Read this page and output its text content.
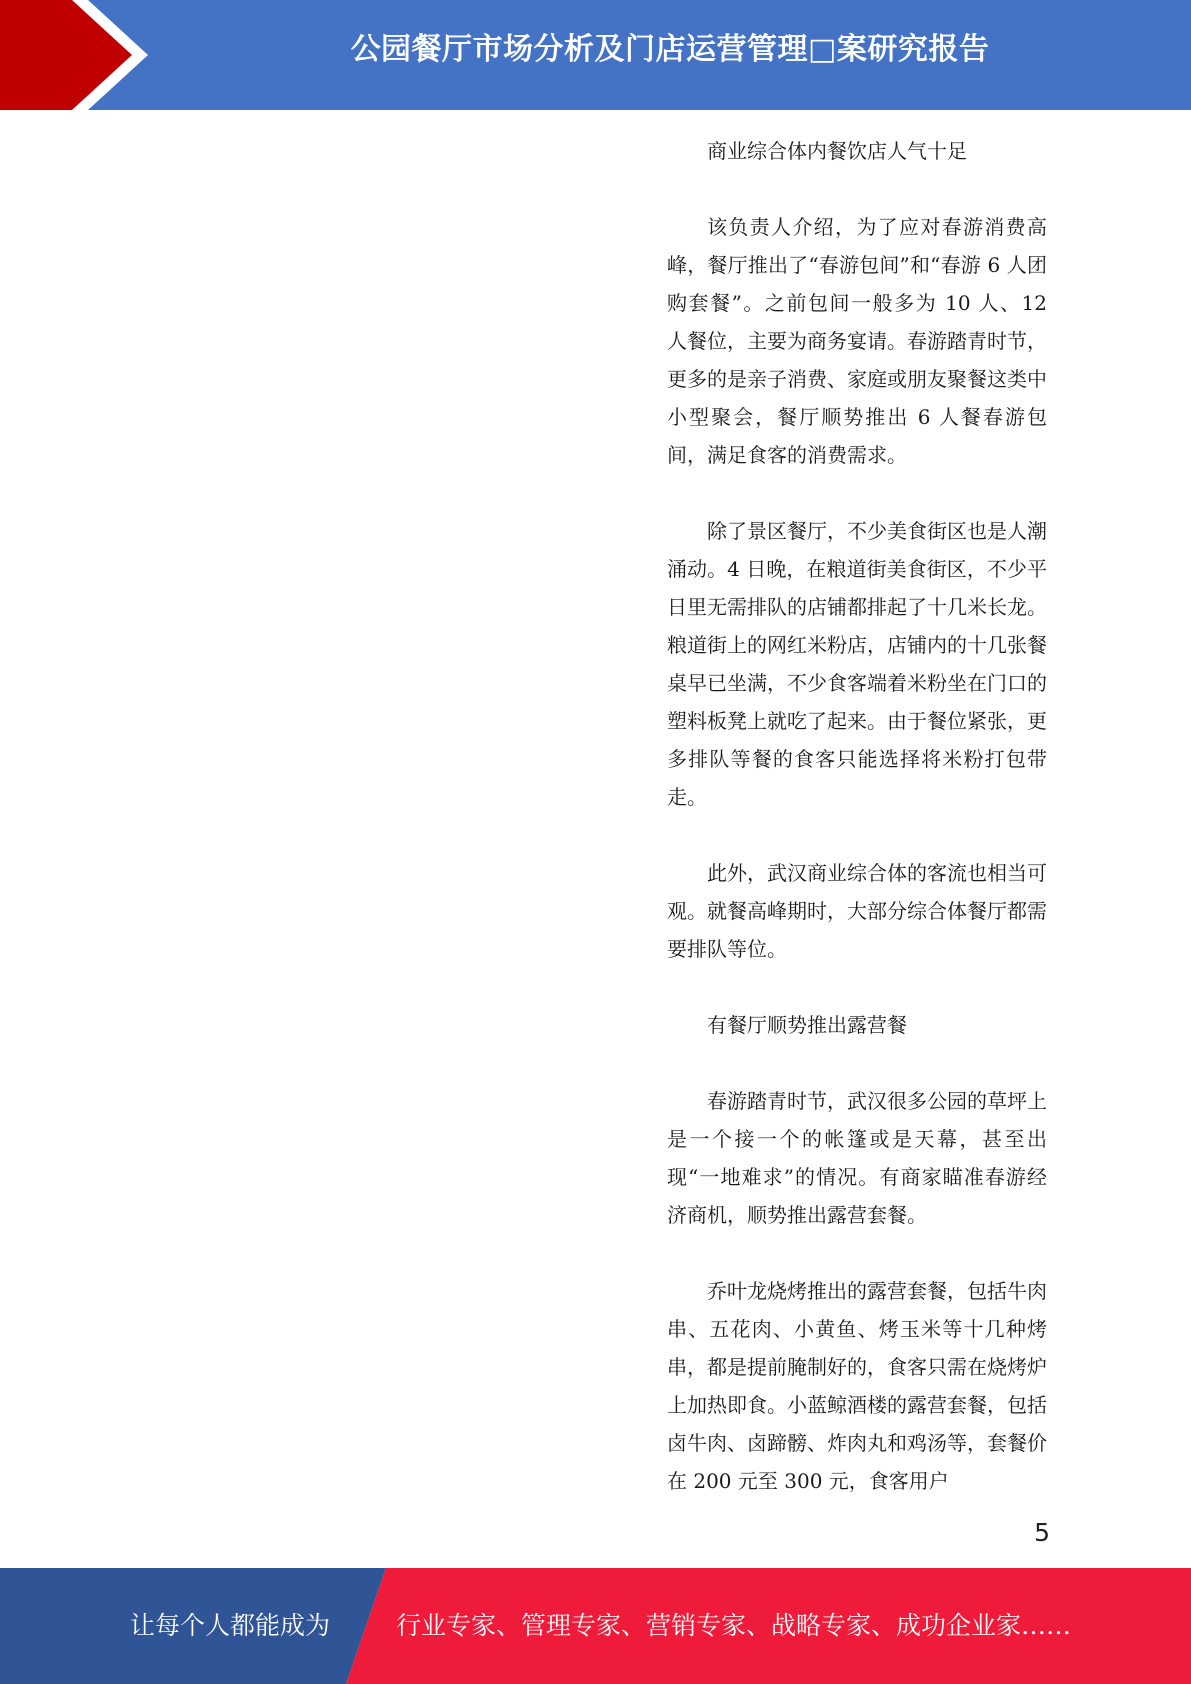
公园餐厅市场分析及门店运营管理□案研究报告

商业综合体内餐饮店人气十足

该负责人介绍，为了应对春游消费高峰，餐厅推出了“春游包间”和“春游 6 人团购套餐”。之前包间一般多为 10 人、12 人餐位，主要为商务宴请。春游踏青时节，更多的是亲子消费、家庭或朋友聚餐这类中小型聚会，餐厅顺势推出 6 人餐春游包间，满足食客的消费需求。

除了景区餐厅，不少美食街区也是人潮涌动。4 日晚，在粮道街美食街区，不少平日里无需排队的店铺都排起了十几米长龙。粮道街上的网红米粉店，店铺内的十几张餐桌早已坐满，不少食客端着米粉坐在门口的塑料板凳上就吃了起来。由于餐位紧张，更多排队等餐的食客只能选择将米粉打包带走。

此外，武汉商业综合体的客流也相当可观。就餐高峰期时，大部分综合体餐厅都需要排队等位。

有餐厅顺势推出露营餐

春游踏青时节，武汉很多公园的草坪上是一个接一个的帐篷或是天幕，甚至出现“一地难求”的情况。有商家瞄准春游经济商机，顺势推出露营套餐。

乔叶龙烧烤推出的露营套餐，包括牛肉串、五花肉、小黄鱼、烤玉米等十几种烤串，都是提前腌制好的，食客只需在烧烤炉上加热即食。小蓝鲸酒楼的露营套餐，包括卤牛肉、卤蹄髈、炸肉丸和鸡汤等，套餐价在 200 元至 300 元，食客用户

5
让每个人都能成为	行业专家、管理专家、营销专家、战略专家、成功企业家……
